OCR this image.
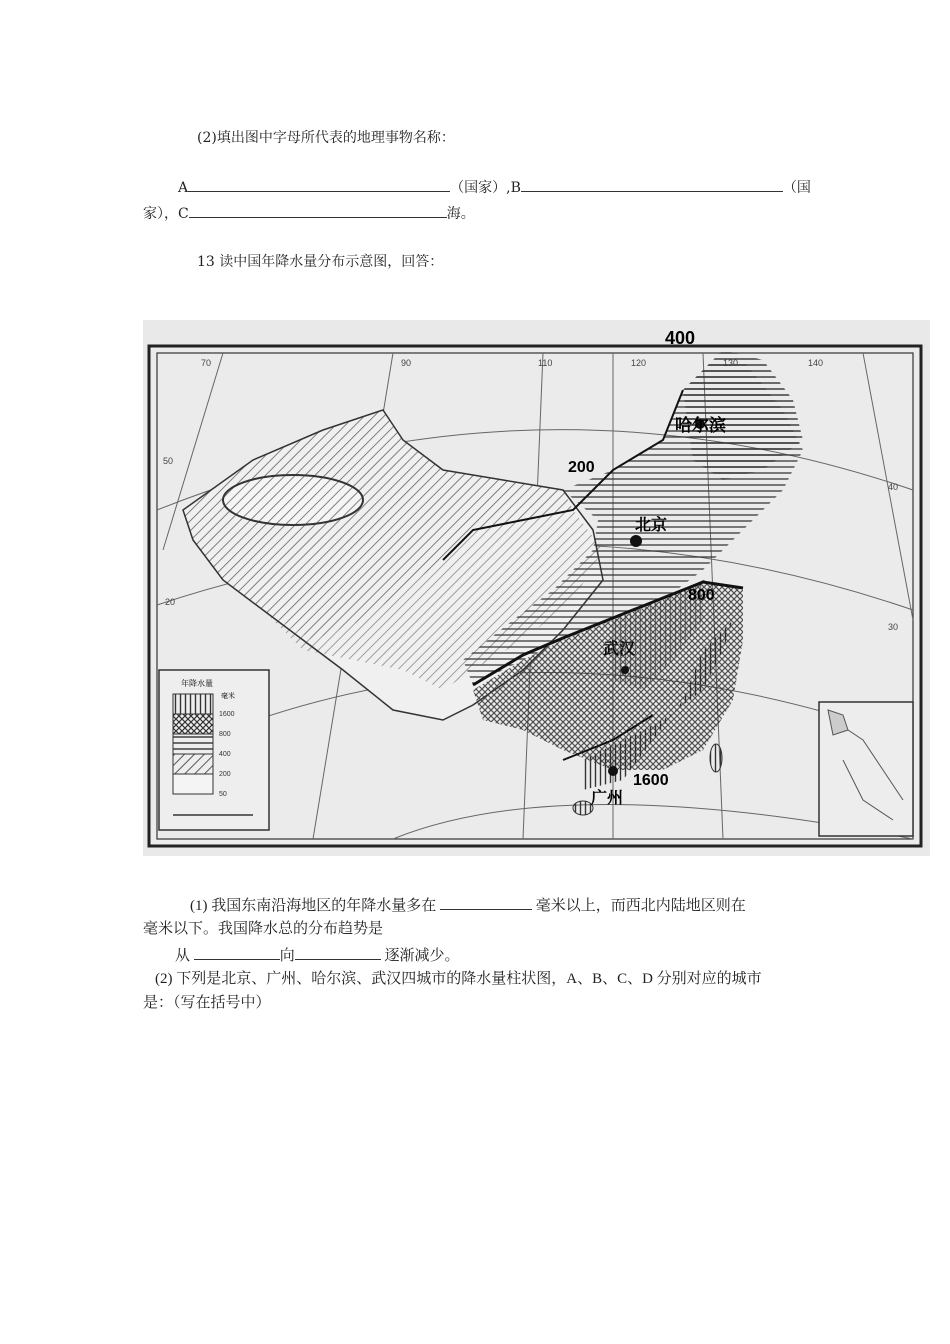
(2)填出图中字母所代表的地理事物名称：
A	（国家）,B	（国
家），C	海。
13 读中国年降水量分布示意图，回答：
400
200
800
1600
哈尔滨
北京
武汉
广州
70	90	110	120	130	140
50
40
30
20
年降水量
毫米
1600
800
400
200
50
(1) 我国东南沿海地区的年降水量多在	毫米以上，而西北内陆地区则在
毫米以下。我国降水总的分布趋势是
从	向	逐渐减少。
(2) 下列是北京、广州、哈尔滨、武汉四城市的降水量柱状图，A、B、C、D 分别对应的城市
是：（写在括号中）
